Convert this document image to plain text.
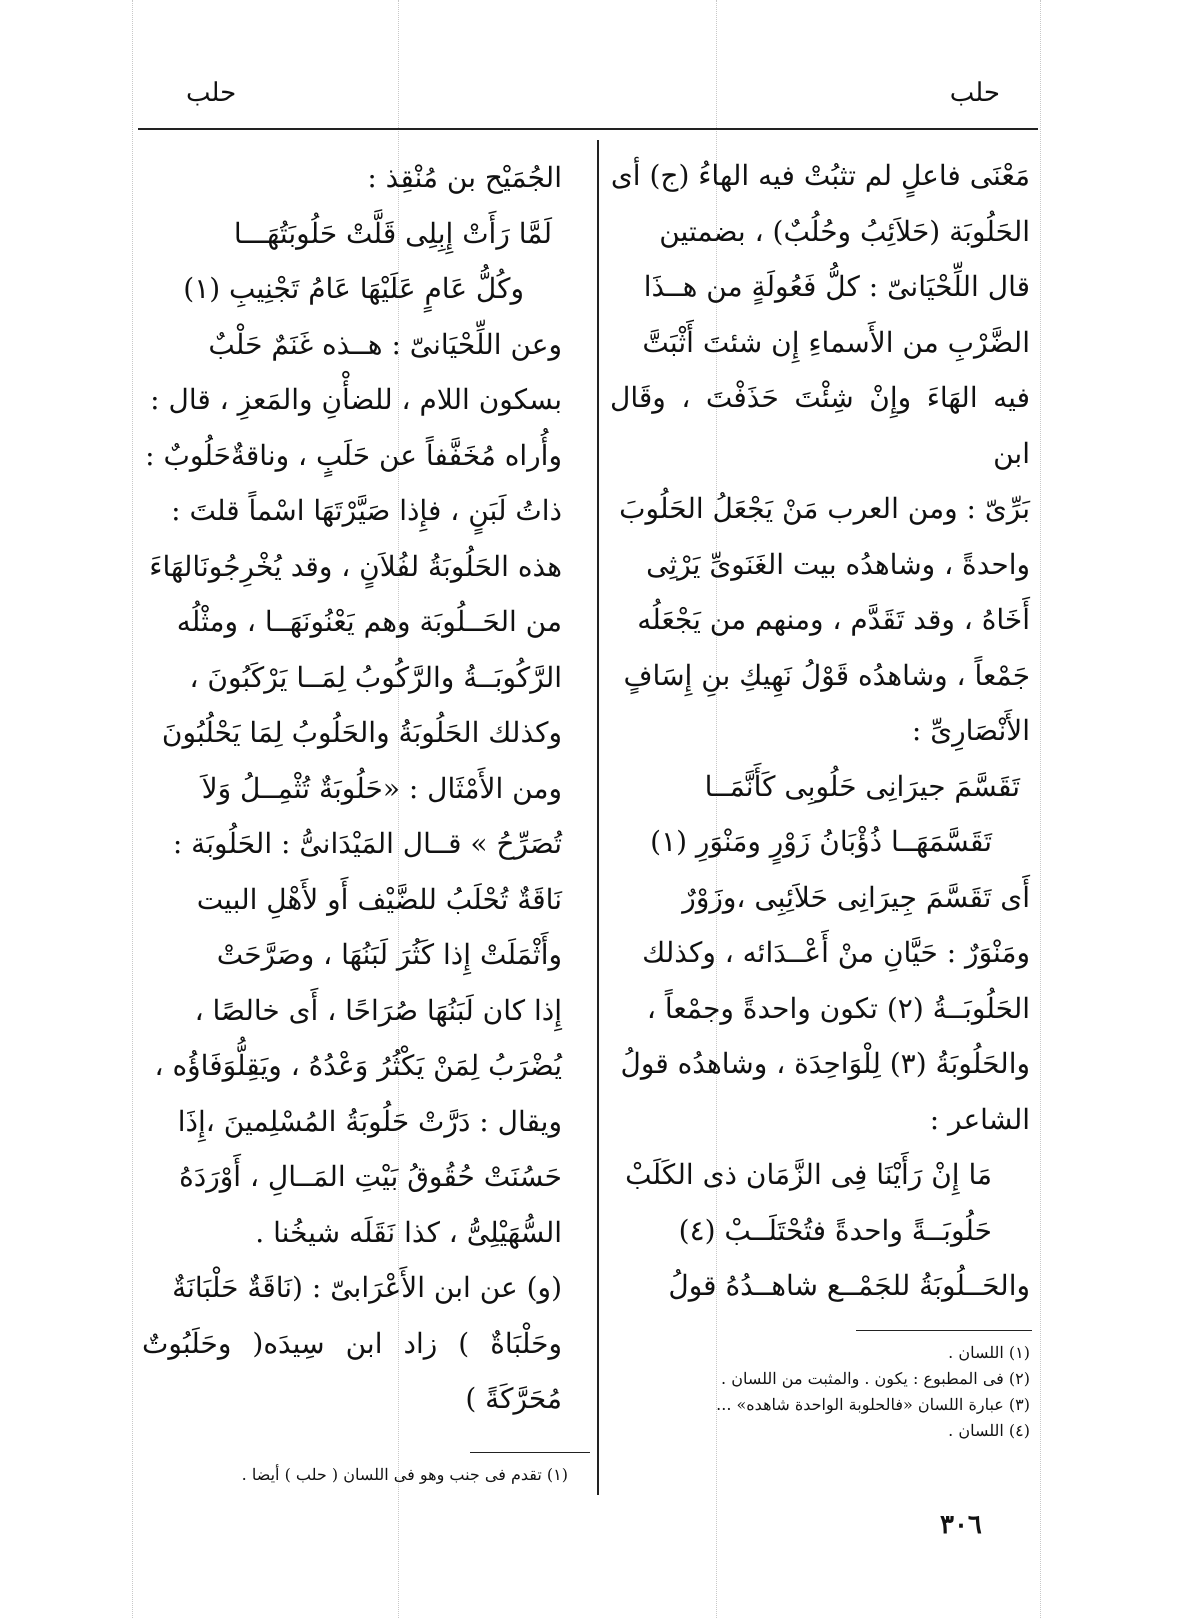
حلب
حلب

مَعْنَى فاعلٍ لم تثبُتْ فيه الهاءُ (ج) أى

الحَلُوبَة (حَلاَئِبُ وحُلُبٌ) ، بضمتين

قال اللِّحْيَانىّ : كلُّ فَعُولَةٍ من هــذَا

الضَّرْبِ من الأَسماءِ إِن شئتَ أَثْبَتَّ

فيه الهَاءَ وإِنْ شِئْتَ حَذَفْتَ ، وقَال ابن

بَرِّىّ : ومن العرب مَنْ يَجْعَلُ الحَلُوبَ

واحدةً ، وشاهدُه بيت الغَنَوىِّ يَرْثِى

أَخَاهُ ، وقد تَقَدَّم ، ومنهم من يَجْعَلُه

جَمْعاً ، وشاهدُه قَوْلُ نَهِيكِ بنِ إِسَافٍ

الأَنْصَارِىِّ :

تَقَسَّمَ جيرَانِى حَلُوبِى كَأَنَّمَــا

تَقَسَّمَهَــا ذُؤْبَانُ زَوْرٍ ومَنْوَرِ (١)

أَى تَقَسَّمَ جِيرَانِى حَلاَئِبِى ،وزَوْرٌ

ومَنْوَرٌ : حَيَّانِ منْ أَعْــدَائه ، وكذلك

الحَلُوبَــةُ (٢) تكون واحدةً وجمْعاً ،

والحَلُوبَةُ (٣) لِلْوَاحِدَة ، وشاهدُه قولُ

الشاعر :

مَا إِنْ رَأَيْنَا فِى الزَّمَان ذى الكَلَبْ

حَلُوبَــةً واحدةً فتُحْتَلَــبْ (٤)

والحَــلُوبَةُ للجَمْــع شاهــدُهُ قولُ

(١) اللسان .
(٢) فى المطبوع : يكون . والمثبت من اللسان .
(٣) عبارة اللسان «فالحلوبة الواحدة شاهده» ...
(٤) اللسان .

الجُمَيْح بن مُنْقِذ :

لَمَّا رَأَتْ إِبِلِى قَلَّتْ حَلُوبَتُهَـــا

وكُلُّ عَامٍ عَلَيْهَا عَامُ تَجْنِيبِ (١)

وعن اللِّحْيَانىّ : هــذه غَنَمٌ حَلْبٌ

بسكون اللام ، للضأْنِ والمَعزِ ، قال :

وأُراه مُخَفَّفاً عن حَلَبٍ ، وناقةٌحَلُوبٌ :

ذاتُ لَبَنٍ ، فإِذا صَيَّرْتَهَا اسْماً قلتَ :

هذه الحَلُوبَةُ لفُلاَنٍ ، وقد يُخْرِجُونَالهَاءَ

من الحَــلُوبَة وهم يَعْنُونَهَــا ، ومثْلُه

الرَّكُوبَــةُ والرَّكُوبُ لِمَــا يَرْكَبُونَ ،

وكذلك الحَلُوبَةُ والحَلُوبُ لِمَا يَحْلُبُونَ

ومن الأَمْثَال : «حَلُوبَةٌ تُثْمِــلُ وَلاَ

تُصَرِّحُ » قــال المَيْدَانىُّ : الحَلُوبَة :

نَاقَةٌ تُحْلَبُ للضَّيْف أَو لأَهْلِ البيت

وأَثْمَلَتْ إِذا كَثُرَ لَبَنُهَا ، وصَرَّحَتْ

إِذا كان لَبَنُهَا صُرَاحًا ، أَى خالصًا ،

يُضْرَبُ لِمَنْ يَكْثُرُ وَعْدُهُ ، ويَقِلُّوَفَاؤُه ،

ويقال : دَرَّتْ حَلُوبَةُ المُسْلِمينَ ،إِذَا

حَسُنَتْ حُقُوقُ بَيْتِ المَــالِ ، أَوْرَدَهُ

السُّهَيْلِىُّ ، كذا نَقَلَه شيخُنا .

(و) عن ابن الأَعْرَابىّ : (نَاقَةٌ حَلْبَانَةٌ

وحَلْبَاةٌ ) زاد ابن سِيدَه( وحَلَبُوتٌ مُحَرَّكَةً )

(١) تقدم فى جنب وهو فى اللسان ( حلب ) أيضا .
٣٠٦
